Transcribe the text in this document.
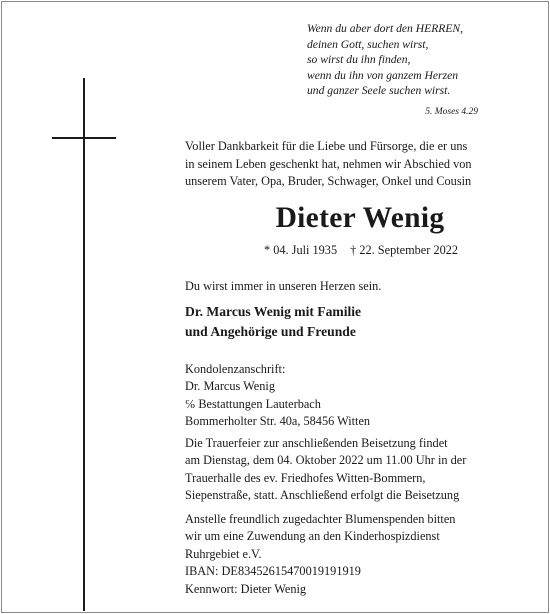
Wenn du aber dort den HERREN,
deinen Gott, suchen wirst,
so wirst du ihn finden,
wenn du ihn von ganzem Herzen
und ganzer Seele suchen wirst.
5. Moses 4.29
Voller Dankbarkeit für die Liebe und Fürsorge, die er uns
in seinem Leben geschenkt hat, nehmen wir Abschied von
unserem Vater, Opa, Bruder, Schwager, Onkel und Cousin
Dieter Wenig
* 04. Juli 1935 † 22. September 2022
Du wirst immer in unseren Herzen sein.
Dr. Marcus Wenig mit Familie
und Angehörige und Freunde
Kondolenzanschrift:
Dr. Marcus Wenig
℅ Bestattungen Lauterbach
Bommerholter Str. 40a, 58456 Witten
Die Trauerfeier zur anschließenden Beisetzung findet
am Dienstag, dem 04. Oktober 2022 um 11.00 Uhr in der
Trauerhalle des ev. Friedhofes Witten-Bommern,
Siepenstraße, statt. Anschließend erfolgt die Beisetzung
Anstelle freundlich zugedachter Blumenspenden bitten
wir um eine Zuwendung an den Kinderhospizdienst
Ruhrgebiet e.V.
IBAN: DE83452615470019191919
Kennwort: Dieter Wenig
